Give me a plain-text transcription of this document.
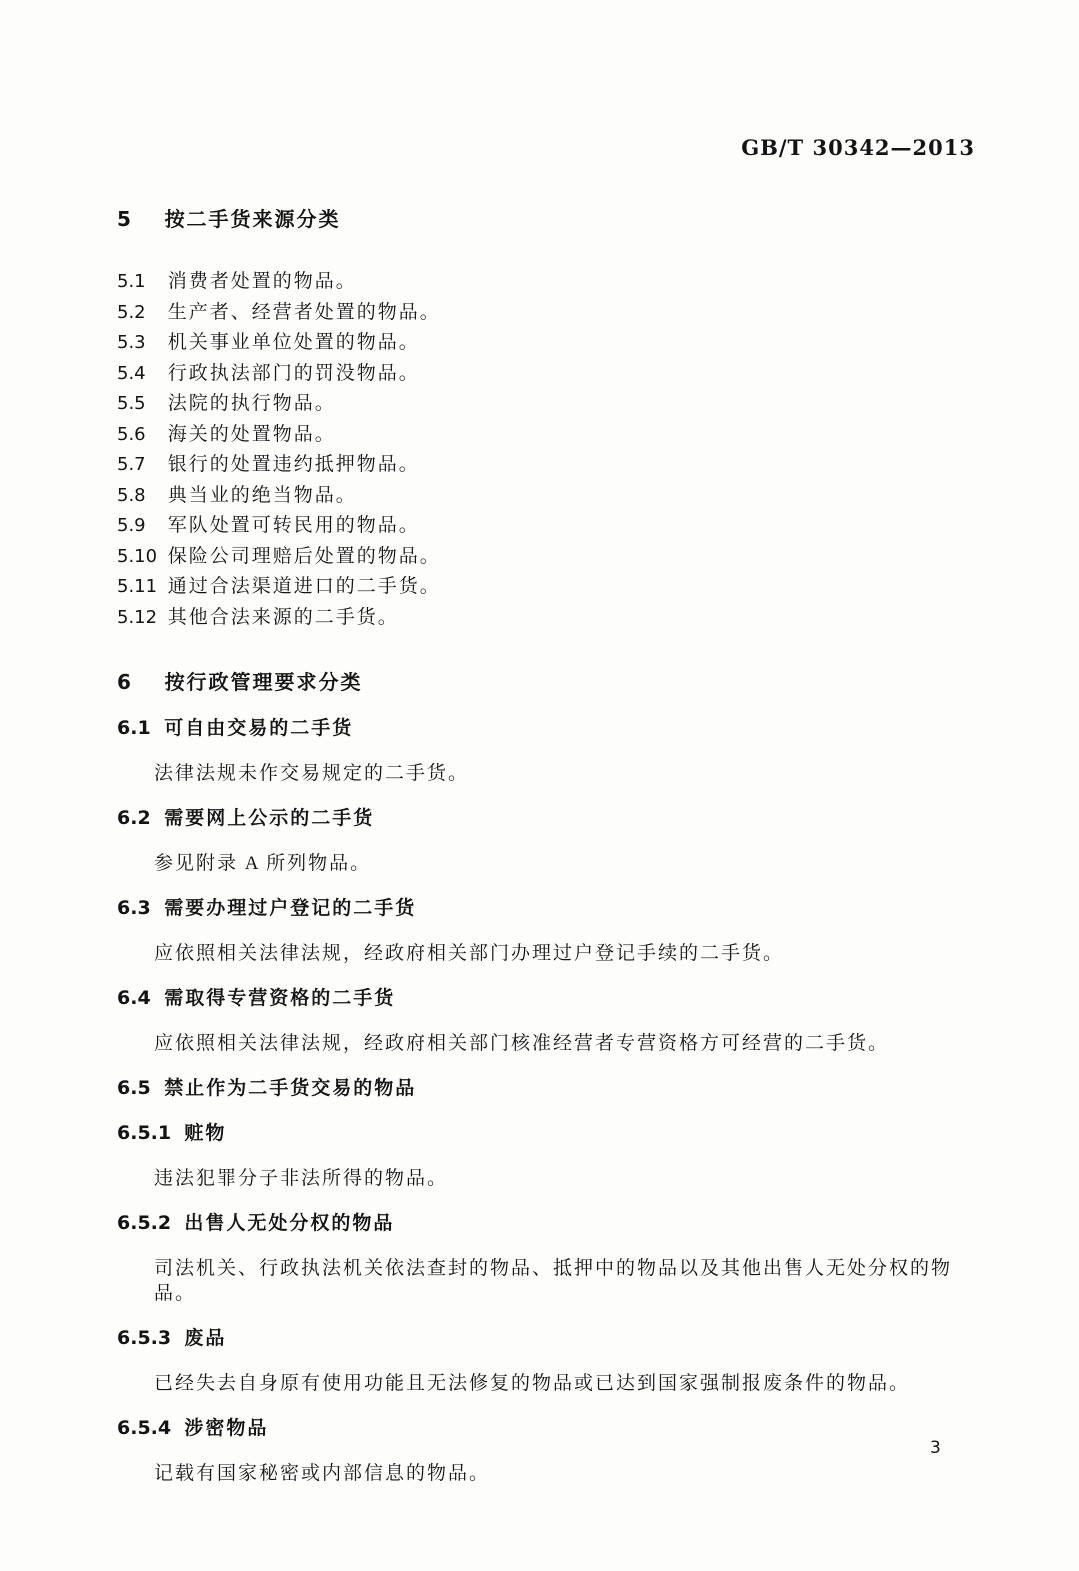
GB/T 30342—2013
5 按二手货来源分类
5.1 消费者处置的物品。
5.2 生产者、经营者处置的物品。
5.3 机关事业单位处置的物品。
5.4 行政执法部门的罚没物品。
5.5 法院的执行物品。
5.6 海关的处置物品。
5.7 银行的处置违约抵押物品。
5.8 典当业的绝当物品。
5.9 军队处置可转民用的物品。
5.10 保险公司理赔后处置的物品。
5.11 通过合法渠道进口的二手货。
5.12 其他合法来源的二手货。
6 按行政管理要求分类
6.1 可自由交易的二手货

法律法规未作交易规定的二手货。

6.2 需要网上公示的二手货

参见附录 A 所列物品。

6.3 需要办理过户登记的二手货

应依照相关法律法规，经政府相关部门办理过户登记手续的二手货。

6.4 需取得专营资格的二手货

应依照相关法律法规，经政府相关部门核准经营者专营资格方可经营的二手货。

6.5 禁止作为二手货交易的物品
6.5.1 赃物

违法犯罪分子非法所得的物品。

6.5.2 出售人无处分权的物品

司法机关、行政执法机关依法查封的物品、抵押中的物品以及其他出售人无处分权的物品。

6.5.3 废品

已经失去自身原有使用功能且无法修复的物品或已达到国家强制报废条件的物品。

6.5.4 涉密物品

记载有国家秘密或内部信息的物品。

3
